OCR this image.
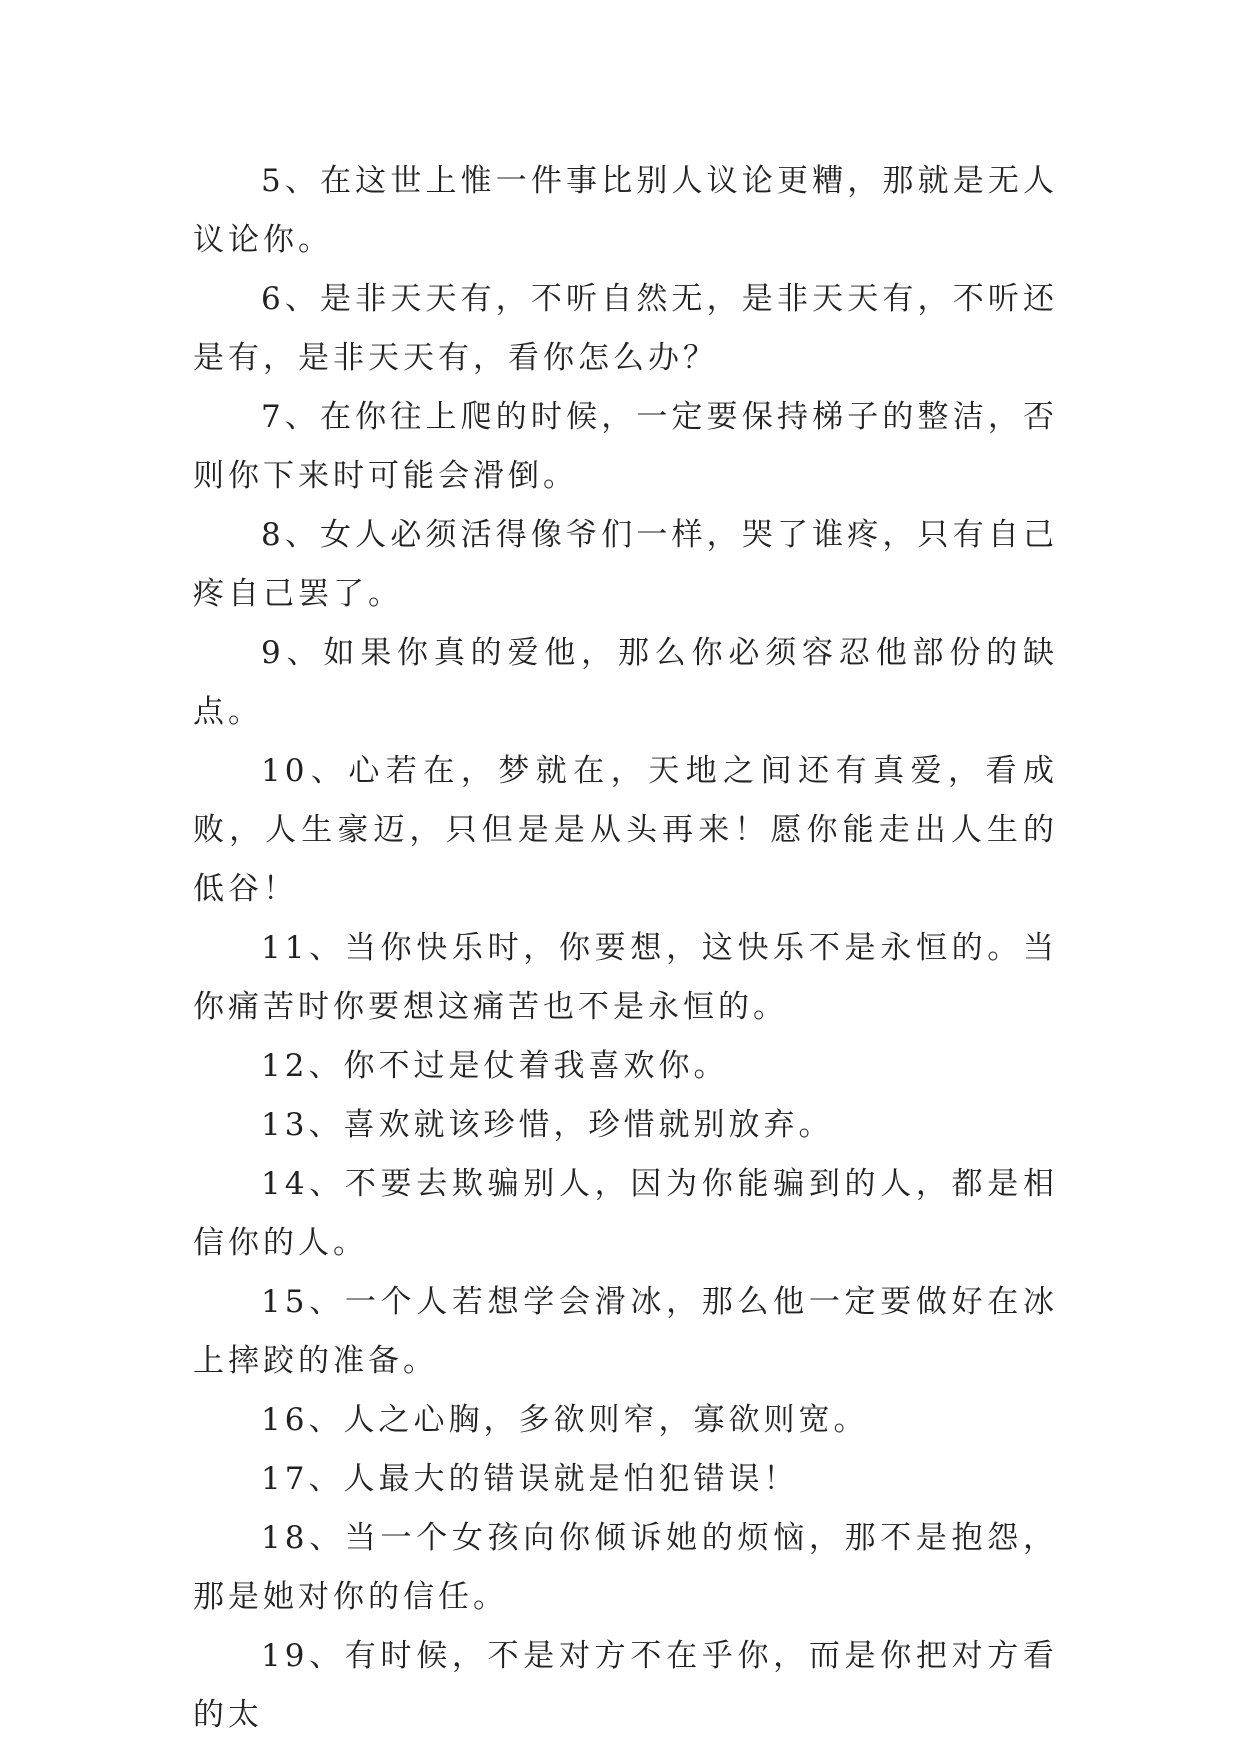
5、在这世上惟一件事比别人议论更糟，那就是无人议论你。

6、是非天天有，不听自然无，是非天天有，不听还是有，是非天天有，看你怎么办？

7、在你往上爬的时候，一定要保持梯子的整洁，否则你下来时可能会滑倒。

8、女人必须活得像爷们一样，哭了谁疼，只有自己疼自己罢了。

9、如果你真的爱他，那么你必须容忍他部份的缺点。

10、心若在，梦就在，天地之间还有真爱，看成败，人生豪迈，只但是是从头再来！愿你能走出人生的低谷！

11、当你快乐时，你要想，这快乐不是永恒的。当你痛苦时你要想这痛苦也不是永恒的。

12、你不过是仗着我喜欢你。

13、喜欢就该珍惜，珍惜就别放弃。

14、不要去欺骗别人，因为你能骗到的人，都是相信你的人。

15、一个人若想学会滑冰，那么他一定要做好在冰上摔跤的准备。

16、人之心胸，多欲则窄，寡欲则宽。

17、人最大的错误就是怕犯错误！

18、当一个女孩向你倾诉她的烦恼，那不是抱怨，那是她对你的信任。

19、有时候，不是对方不在乎你，而是你把对方看的太
